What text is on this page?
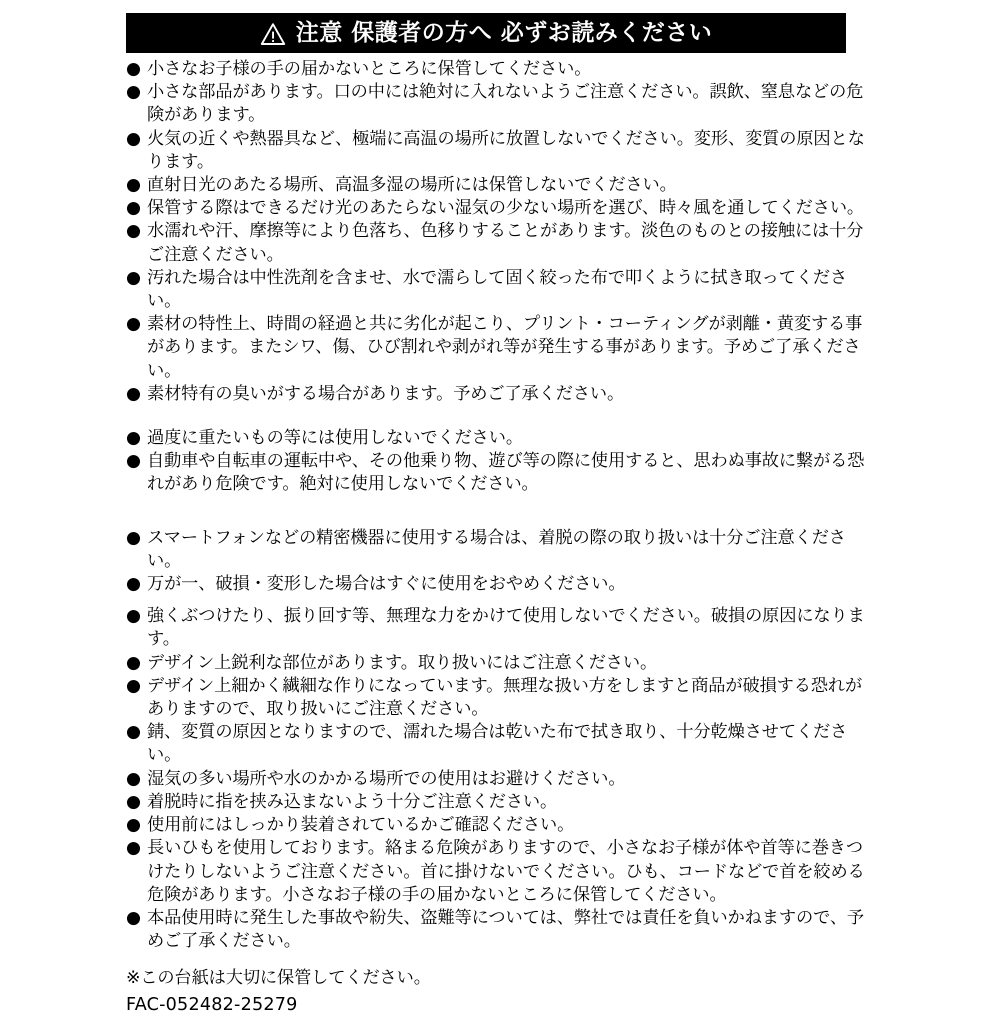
注意 保護者の方へ 必ずお読みください

● 小さなお子様の手の届かないところに保管してください。

● 小さな部品があります。口の中には絶対に入れないようご注意ください。誤飲、窒息などの危険があります。

● 火気の近くや熱器具など、極端に高温の場所に放置しないでください。変形、変質の原因となります。

● 直射日光のあたる場所、高温多湿の場所には保管しないでください。

● 保管する際はできるだけ光のあたらない湿気の少ない場所を選び、時々風を通してください。

● 水濡れや汗、摩擦等により色落ち、色移りすることがあります。淡色のものとの接触には十分ご注意ください。

● 汚れた場合は中性洗剤を含ませ、水で濡らして固く絞った布で叩くように拭き取ってください。

● 素材の特性上、時間の経過と共に劣化が起こり、プリント・コーティングが剥離・黄変する事があります。またシワ、傷、ひび割れや剥がれ等が発生する事があります。予めご了承ください。

● 素材特有の臭いがする場合があります。予めご了承ください。

● 過度に重たいもの等には使用しないでください。

● 自動車や自転車の運転中や、その他乗り物、遊び等の際に使用すると、思わぬ事故に繋がる恐れがあり危険です。絶対に使用しないでください。

● スマートフォンなどの精密機器に使用する場合は、着脱の際の取り扱いは十分ご注意ください。

● 万が一、破損・変形した場合はすぐに使用をおやめください。

● 強くぶつけたり、振り回す等、無理な力をかけて使用しないでください。破損の原因になります。

● デザイン上鋭利な部位があります。取り扱いにはご注意ください。

● デザイン上細かく繊細な作りになっています。無理な扱い方をしますと商品が破損する恐れがありますので、取り扱いにご注意ください。

● 錆、変質の原因となりますので、濡れた場合は乾いた布で拭き取り、十分乾燥させてください。

● 湿気の多い場所や水のかかる場所での使用はお避けください。

● 着脱時に指を挟み込まないよう十分ご注意ください。

● 使用前にはしっかり装着されているかご確認ください。

● 長いひもを使用しております。絡まる危険がありますので、小さなお子様が体や首等に巻きつけたりしないようご注意ください。首に掛けないでください。ひも、コードなどで首を絞める危険があります。小さなお子様の手の届かないところに保管してください。

● 本品使用時に発生した事故や紛失、盗難等については、弊社では責任を負いかねますので、予めご了承ください。

※この台紙は大切に保管してください。
FAC-052482-25279
